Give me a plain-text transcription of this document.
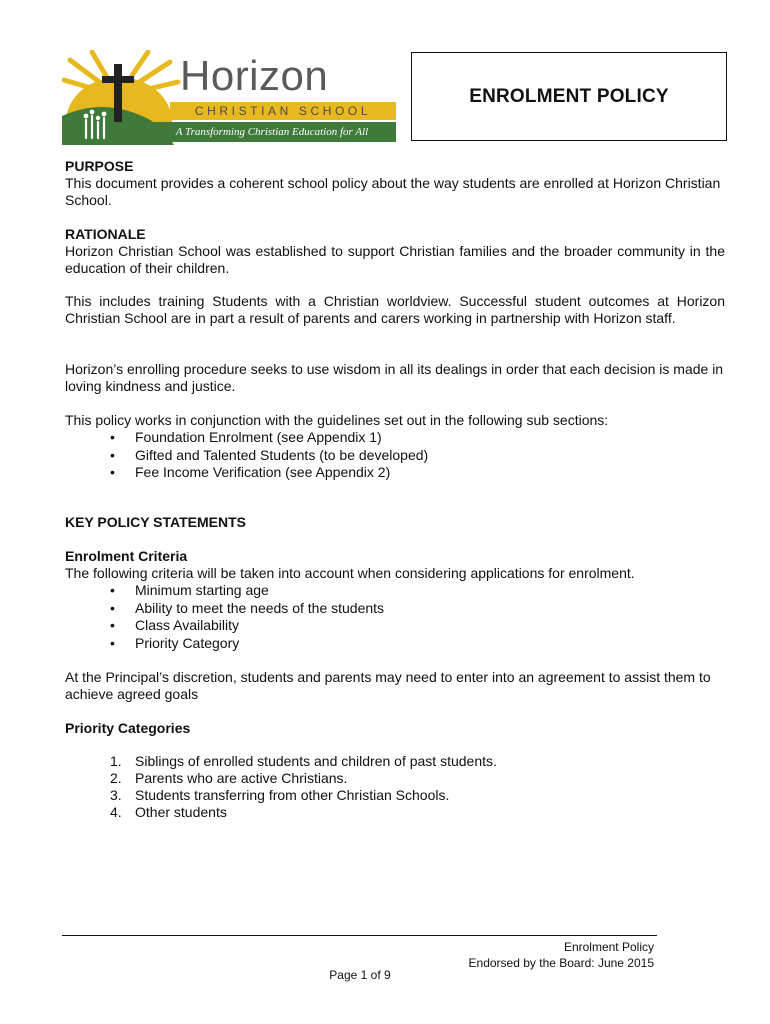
Horizon
CHRISTIAN SCHOOL
A Transforming Christian Education for All
ENROLMENT POLICY
PURPOSE
This document provides a coherent school policy about the way students are enrolled at Horizon Christian School.
RATIONALE
Horizon Christian School was established to support Christian families and the broader community in the education of their children.
This includes training Students with a Christian worldview. Successful student outcomes at Horizon Christian School are in part a result of parents and carers working in partnership with Horizon staff.
Horizon’s enrolling procedure seeks to use wisdom in all its dealings in order that each decision is made in loving kindness and justice.
This policy works in conjunction with the guidelines set out in the following sub sections:
• Foundation Enrolment (see Appendix 1)
• Gifted and Talented Students (to be developed)
• Fee Income Verification (see Appendix 2)
KEY POLICY STATEMENTS
Enrolment Criteria
The following criteria will be taken into account when considering applications for enrolment.
• Minimum starting age
• Ability to meet the needs of the students
• Class Availability
• Priority Category
At the Principal’s discretion, students and parents may need to enter into an agreement to assist them to achieve agreed goals
Priority Categories
1. Siblings of enrolled students and children of past students.
2. Parents who are active Christians.
3. Students transferring from other Christian Schools.
4. Other students
Enrolment Policy
Endorsed by the Board: June 2015
Page 1 of 9
